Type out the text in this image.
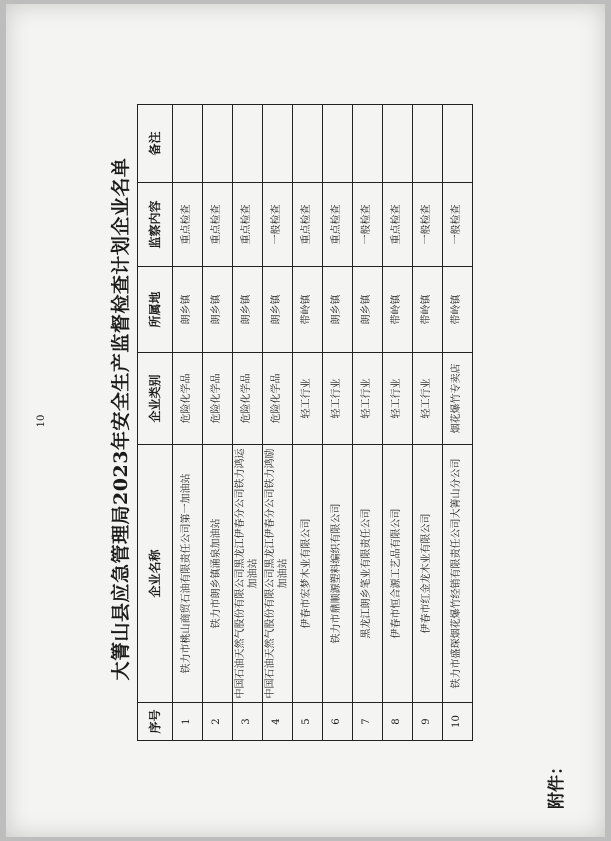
10
附件：
大箐山县应急管理局2023年安全生产监督检查计划企业名单
序号	企业名称	企业类别	所属地	监察内容	备注
1	铁力市桃山商贸石油有限责任公司第一加油站	危险化学品	朗乡镇	重点检查	
2	铁力市朗乡镇涌泉加油站	危险化学品	朗乡镇	重点检查	
3	中国石油天然气股份有限公司黑龙江伊春分公司铁力鸿运加油站	危险化学品	朗乡镇	重点检查	
4	中国石油天然气股份有限公司黑龙江伊春分公司铁力鸿励加油站	危险化学品	朗乡镇	一般检查	
5	伊春市宏梦木业有限公司	轻工行业	带岭镇	重点检查	
6	铁力市鼎顺源塑料编织有限公司	轻工行业	朗乡镇	重点检查	
7	黑龙江朗乡笔业有限责任公司	轻工行业	朗乡镇	一般检查	
8	伊春市恒合源工艺品有限公司	轻工行业	带岭镇	重点检查	
9	伊春市红金龙木业有限公司	轻工行业	带岭镇	一般检查	
10	铁力市盛琛烟花爆竹经销有限责任公司大箐山分公司	烟花爆竹专卖店	带岭镇	一般检查	
